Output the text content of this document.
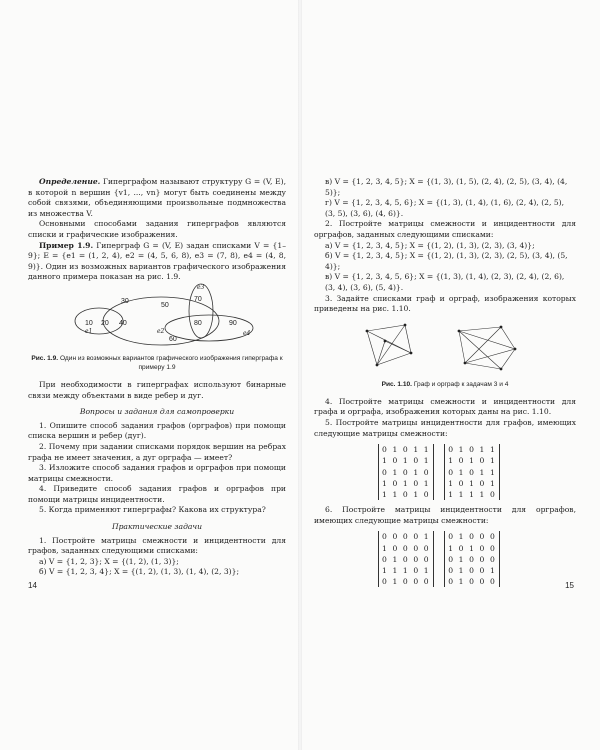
Определение. Гиперграфом называют структуру G = (V, E), в которой n вершин {v1, ..., vn} могут быть соединены между собой связями, объединяющими произвольные подмножества из множества V.

Основными способами задания гиперграфов являются списки и графические изображения.

Пример 1.9. Гиперграф G = (V, E) задан списками V = {1–9}; E = {e1 = (1, 2, 4), e2 = (4, 5, 6, 8), e3 = (7, 8), e4 = (4, 8, 9)}. Один из возможных вариантов графического изображения данного примера показан на рис. 1.9.

10 20
30
40
50
60
70
80	90
e1	e2
e3
e4

Рис. 1.9. Один из возможных вариантов графического изображения гиперграфа к примеру 1.9

При необходимости в гиперграфах используют бинарные связи между объектами в виде ребер и дуг.

Вопросы и задания для самопроверки

1. Опишите способ задания графов (орграфов) при помощи списка вершин и ребер (дуг).

2. Почему при задании списками порядок вершин на ребрах графа не имеет значения, а дуг орграфа — имеет?

3. Изложите способ задания графов и орграфов при помощи матрицы смежности.

4. Приведите способ задания графов и орграфов при помощи матрицы инцидентности.

5. Когда применяют гиперграфы? Какова их структура?

Практические задачи

1. Постройте матрицы смежности и инцидентности для графов, заданных следующими списками:

а) V = {1, 2, 3}; X = {(1, 2), (1, 3)};

б) V = {1, 2, 3, 4}; X = {(1, 2), (1, 3), (1, 4), (2, 3)};

14

в) V = {1, 2, 3, 4, 5}; X = {(1, 3), (1, 5), (2, 4), (2, 5), (3, 4), (4, 5)};

г) V = {1, 2, 3, 4, 5, 6}; X = {(1, 3), (1, 4), (1, 6), (2, 4), (2, 5), (3, 5), (3, 6), (4, 6)}.

2. Постройте матрицы смежности и инцидентности для орграфов, заданных следующими списками:

а) V = {1, 2, 3, 4, 5}; X = {(1, 2), (1, 3), (2, 3), (3, 4)};

б) V = {1, 2, 3, 4, 5}; X = {(1, 2), (1, 3), (2, 3), (2, 5), (3, 4), (5, 4)};

в) V = {1, 2, 3, 4, 5, 6}; X = {(1, 3), (1, 4), (2, 3), (2, 4), (2, 6), (3, 4), (3, 6), (5, 4)}.

3. Задайте списками граф и орграф, изображения которых приведены на рис. 1.10.

Рис. 1.10. Граф и орграф к задачам 3 и 4

4. Постройте матрицы смежности и инцидентности для графа и орграфа, изображения которых даны на рис. 1.10.

5. Постройте матрицы инцидентности для графов, имеющих следующие матрицы смежности:

0 1 0 1 1
1 0 1 0 1
0 1 0 1 0
1 0 1 0 1
1 1 0 1 0
0 1 0 1 1
1 0 1 0 1
0 1 0 1 1
1 0 1 0 1
1 1 1 1 0

6. Постройте матрицы инцидентности для орграфов, имеющих следующие матрицы смежности:

0 0 0 0 1
1 0 0 0 0
0 1 0 0 0
1 1 1 0 1
0 1 0 0 0
0 1 0 0 0
1 0 1 0 0
0 1 0 0 0
0 1 0 0 1
0 1 0 0 0	15
